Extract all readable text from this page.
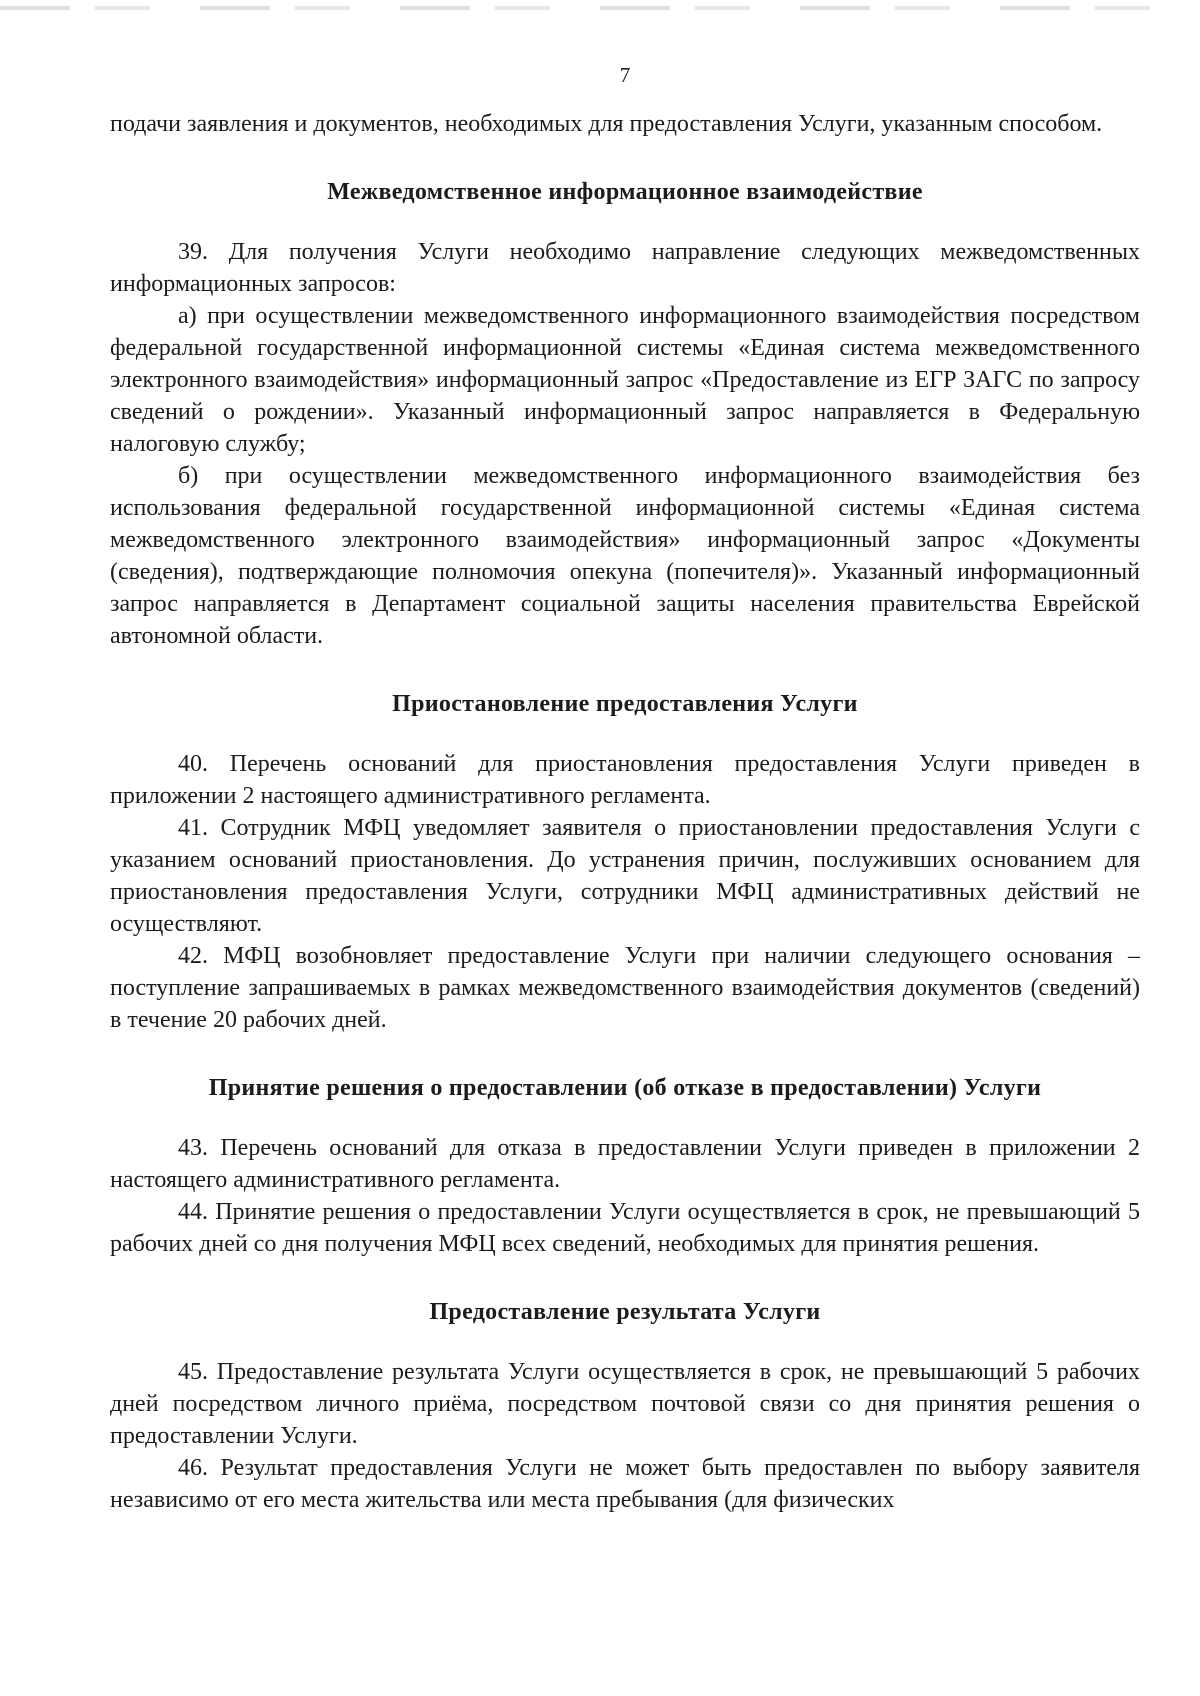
7

подачи заявления и документов, необходимых для предоставления Услуги, указанным способом.

Межведомственное информационное взаимодействие

39. Для получения Услуги необходимо направление следующих межведомственных информационных запросов:

а) при осуществлении межведомственного информационного взаимодействия посредством федеральной государственной информационной системы «Единая система межведомственного электронного взаимодействия» информационный запрос «Предоставление из ЕГР ЗАГС по запросу сведений о рождении». Указанный информационный запрос направляется в Федеральную налоговую службу;

б) при осуществлении межведомственного информационного взаимодействия без использования федеральной государственной информационной системы «Единая система межведомственного электронного взаимодействия» информационный запрос «Документы (сведения), подтверждающие полномочия опекуна (попечителя)». Указанный информационный запрос направляется в Департамент социальной защиты населения правительства Еврейской автономной области.

Приостановление предоставления Услуги

40. Перечень оснований для приостановления предоставления Услуги приведен в приложении 2 настоящего административного регламента.

41. Сотрудник МФЦ уведомляет заявителя о приостановлении предоставления Услуги с указанием оснований приостановления. До устранения причин, послуживших основанием для приостановления предоставления Услуги, сотрудники МФЦ административных действий не осуществляют.

42. МФЦ возобновляет предоставление Услуги при наличии следующего основания – поступление запрашиваемых в рамках межведомственного взаимодействия документов (сведений) в течение 20 рабочих дней.

Принятие решения о предоставлении (об отказе в предоставлении) Услуги

43. Перечень оснований для отказа в предоставлении Услуги приведен в приложении 2 настоящего административного регламента.

44. Принятие решения о предоставлении Услуги осуществляется в срок, не превышающий 5 рабочих дней со дня получения МФЦ всех сведений, необходимых для принятия решения.

Предоставление результата Услуги

45. Предоставление результата Услуги осуществляется в срок, не превышающий 5 рабочих дней посредством личного приёма, посредством почтовой связи со дня принятия решения о предоставлении Услуги.

46. Результат предоставления Услуги не может быть предоставлен по выбору заявителя независимо от его места жительства или места пребывания (для физических
